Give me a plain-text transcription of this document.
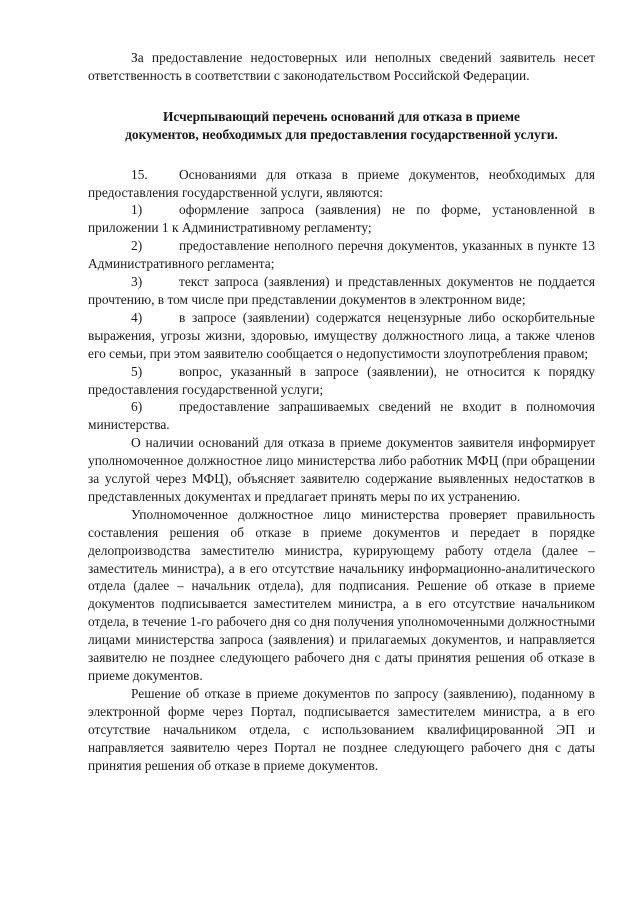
За предоставление недостоверных или неполных сведений заявитель несет ответственность в соответствии с законодательством Российской Федерации.

Исчерпывающий перечень оснований для отказа в приеме
документов, необходимых для предоставления государственной услуги.

15. Основаниями для отказа в приеме документов, необходимых для предоставления государственной услуги, являются:

1)	оформление запроса (заявления) не по форме, установленной в приложении 1 к Административному регламенту;

2)	предоставление неполного перечня документов, указанных в пункте 13 Административного регламента;

3)	текст запроса (заявления) и представленных документов не поддается прочтению, в том числе при представлении документов в электронном виде;

4)	в запросе (заявлении) содержатся нецензурные либо оскорбительные выражения, угрозы жизни, здоровью, имуществу должностного лица, а также членов его семьи, при этом заявителю сообщается о недопустимости злоупотребления правом;

5)	вопрос, указанный в запросе (заявлении), не относится к порядку предоставления государственной услуги;

6)	предоставление запрашиваемых сведений не входит в полномочия министерства.

О наличии оснований для отказа в приеме документов заявителя информирует уполномоченное должностное лицо министерства либо работник МФЦ (при обращении за услугой через МФЦ), объясняет заявителю содержание выявленных недостатков в представленных документах и предлагает принять меры по их устранению.

Уполномоченное должностное лицо министерства проверяет правильность составления решения об отказе в приеме документов и передает в порядке делопроизводства заместителю министра, курирующему работу отдела (далее – заместитель министра), а в его отсутствие начальнику информационно-аналитического отдела (далее – начальник отдела), для подписания. Решение об отказе в приеме документов подписывается заместителем министра, а в его отсутствие начальником отдела, в течение 1-го рабочего дня со дня получения уполномоченными должностными лицами министерства запроса (заявления) и прилагаемых документов, и направляется заявителю не позднее следующего рабочего дня с даты принятия решения об отказе в приеме документов.

Решение об отказе в приеме документов по запросу (заявлению), поданному в электронной форме через Портал, подписывается заместителем министра, а в его отсутствие начальником отдела, с использованием квалифицированной ЭП и направляется заявителю через Портал не позднее следующего рабочего дня с даты принятия решения об отказе в приеме документов.
